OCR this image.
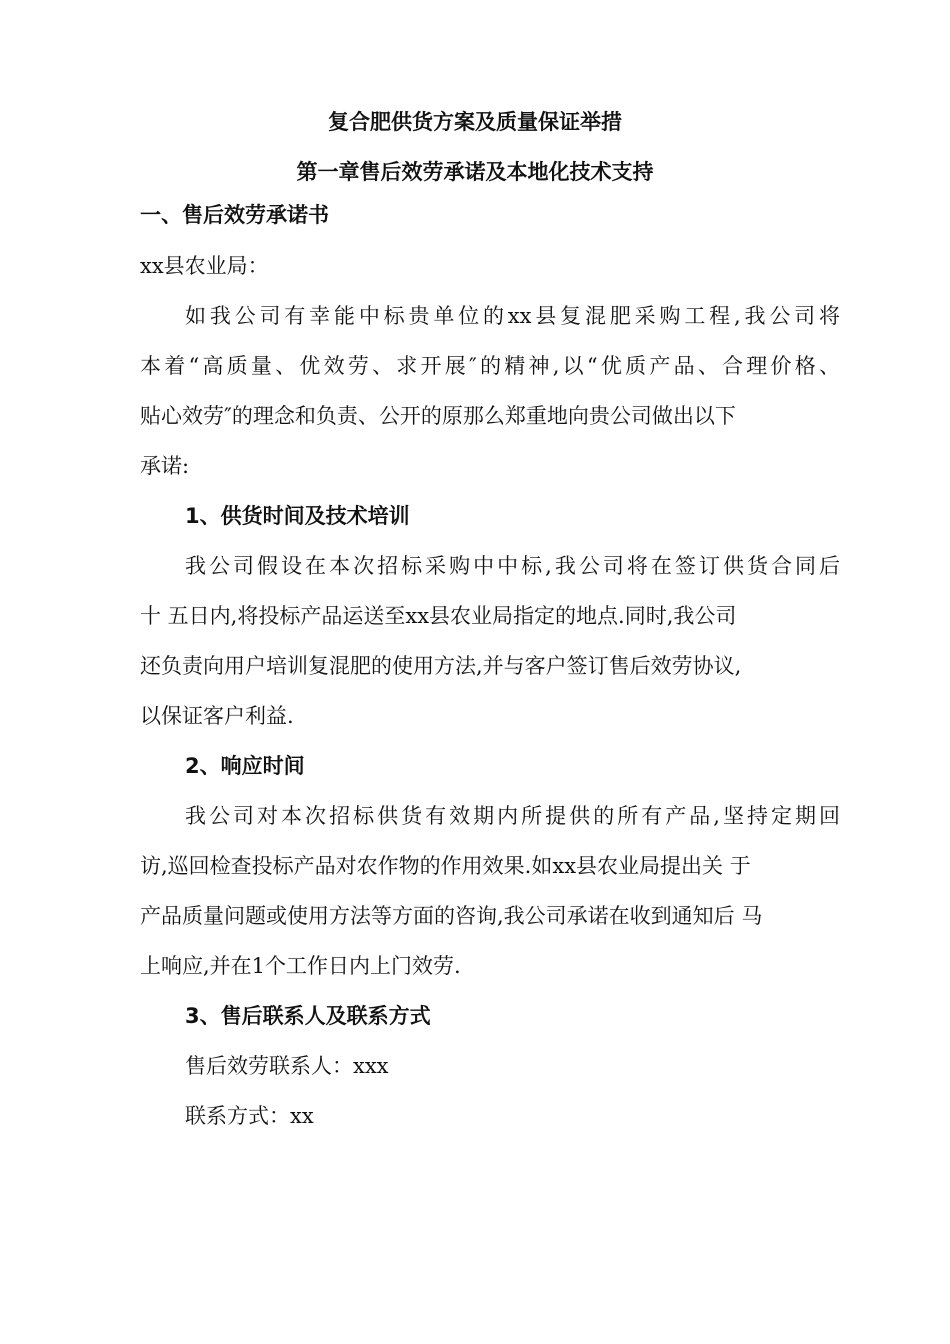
复合肥供货方案及质量保证举措
第一章售后效劳承诺及本地化技术支持
一、售后效劳承诺书
xx县农业局：
如我公司有幸能中标贵单位的xx县复混肥采购工程,我公司将
本着“高质量、优效劳、求开展″的精神,以“优质产品、合理价格、
贴心效劳″的理念和负责、公开的原那么郑重地向贵公司做出以下
承诺:
1、供货时间及技术培训
我公司假设在本次招标采购中中标,我公司将在签订供货合同后
十 五日内,将投标产品运送至xx县农业局指定的地点.同时,我公司
还负责向用户培训复混肥的使用方法,并与客户签订售后效劳协议,
以保证客户利益.
2、响应时间
我公司对本次招标供货有效期内所提供的所有产品,坚持定期回
访,巡回检查投标产品对农作物的作用效果.如xx县农业局提出关 于
产品质量问题或使用方法等方面的咨询,我公司承诺在收到通知后 马
上响应,并在1个工作日内上门效劳.
3、售后联系人及联系方式
售后效劳联系人：xxx
联系方式：xx
